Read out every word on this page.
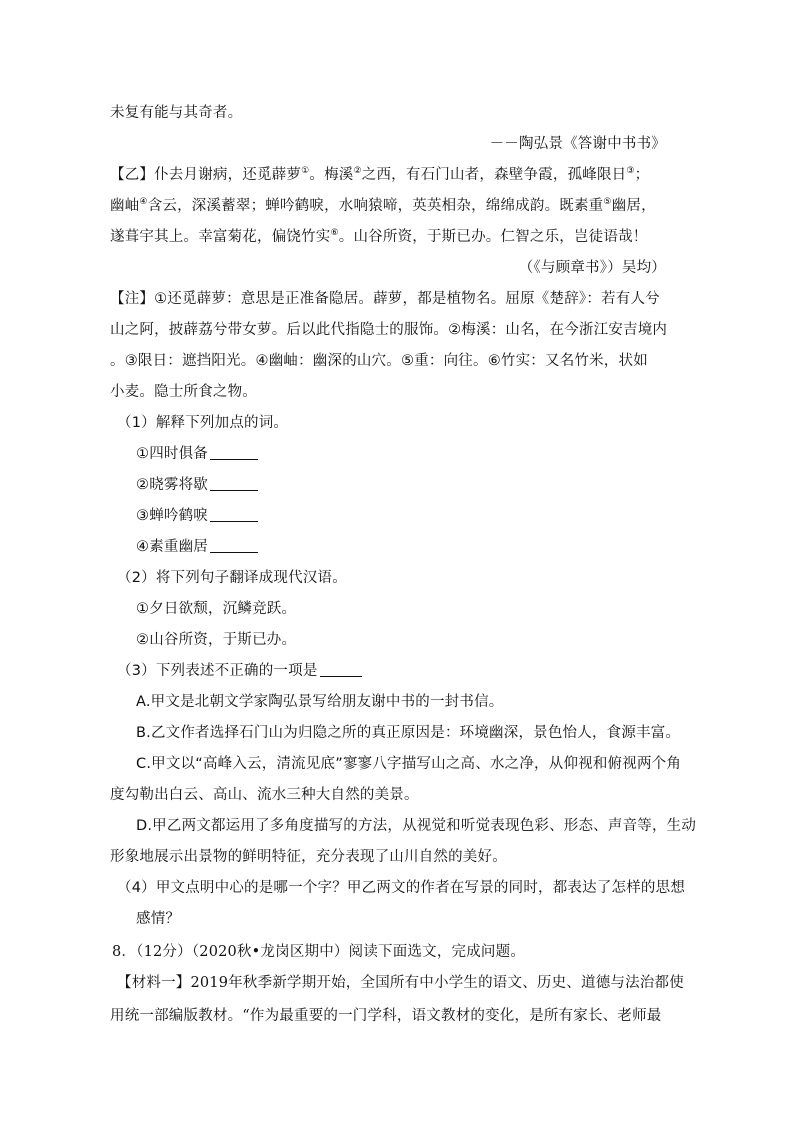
未复有能与其奇者。
－－陶弘景《答谢中书书》
【乙】仆去月谢病，还觅薜萝①。梅溪②之西，有石门山者，森壁争霞，孤峰限日③；
幽岫④含云，深溪蓄翠；蝉吟鹤唳，水响猿啼，英英相杂，绵绵成韵。既素重⑤幽居，
遂葺宇其上。幸富菊花，偏饶竹实⑥。山谷所资，于斯已办。仁智之乐，岂徒语哉！
（《与顾章书》）吴均）
【注】①还觅薜萝：意思是正准备隐居。薜萝，都是植物名。屈原《楚辞》：若有人兮
山之阿，披薜荔兮带女萝。后以此代指隐士的服饰。②梅溪：山名，在今浙江安吉境内
。③限日：遮挡阳光。④幽岫：幽深的山穴。⑤重：向往。⑥竹实：又名竹米，状如
小麦。隐士所食之物。
（1）解释下列加点的词。
①四时俱备
②晓雾将歇
③蝉吟鹤唳
④素重幽居
（2）将下列句子翻译成现代汉语。
①夕日欲颓，沉鳞竞跃。
②山谷所资，于斯已办。
（3）下列表述不正确的一项是
A.甲文是北朝文学家陶弘景写给朋友谢中书的一封书信。
B.乙文作者选择石门山为归隐之所的真正原因是：环境幽深，景色怡人，食源丰富。
C.甲文以“高峰入云，清流见底”寥寥八字描写山之高、水之净，从仰视和俯视两个角
度勾勒出白云、高山、流水三种大自然的美景。
D.甲乙两文都运用了多角度描写的方法，从视觉和听觉表现色彩、形态、声音等，生动
形象地展示出景物的鲜明特征，充分表现了山川自然的美好。
（4）甲文点明中心的是哪一个字？甲乙两文的作者在写景的同时，都表达了怎样的思想
感情？
8．（12分）（2020秋•龙岗区期中）阅读下面选文，完成问题。
【材料一】2019年秋季新学期开始，全国所有中小学生的语文、历史、道德与法治都使
用统一部编版教材。“作为最重要的一门学科，语文教材的变化，是所有家长、老师最
